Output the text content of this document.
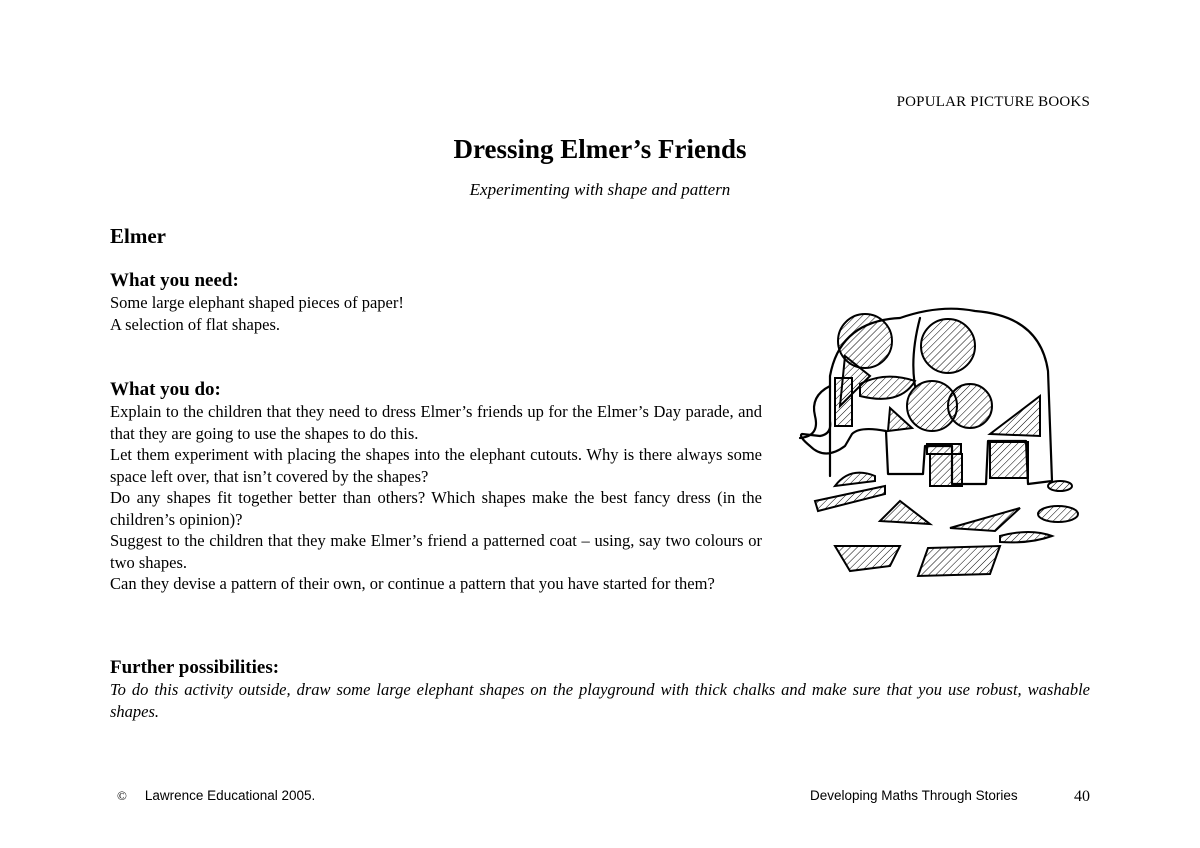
POPULAR PICTURE BOOKS
Dressing Elmer’s Friends
Experimenting with shape and pattern
Elmer
What you need:
Some large elephant shaped pieces of paper!
A selection of flat shapes.
What you do:
Explain to the children that they need to dress Elmer’s friends up for the Elmer’s Day parade, and that they are going to use the shapes to do this.
Let them experiment with placing the shapes into the elephant cutouts. Why is there always some space left over, that isn’t covered by the shapes?
Do any shapes fit together better than others? Which shapes make the best fancy dress (in the children’s opinion)?
Suggest to the children that they make Elmer’s friend a patterned coat – using, say two colours or two shapes.
Can they devise a pattern of their own, or continue a pattern that you have started for them?
Further possibilities:
To do this activity outside, draw some large elephant shapes on the playground with thick chalks and make sure that you use robust, washable shapes.
© Lawrence Educational 2005.	Developing Maths Through Stories	40
